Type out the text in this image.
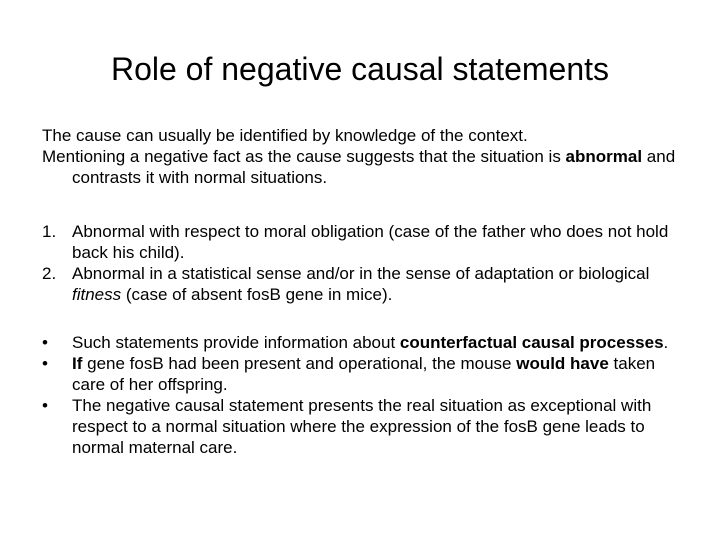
Role of negative causal statements

The cause can usually be identified by knowledge of the context.

Mentioning a negative fact as the cause suggests that the situation is abnormal and contrasts it with normal situations.

1. Abnormal with respect to moral obligation (case of the father who does not hold back his child).

2. Abnormal in a statistical sense and/or in the sense of adaptation or biological fitness (case of absent fosB gene in mice).

• Such statements provide information about counterfactual causal processes.

• If gene fosB had been present and operational, the mouse would have taken care of her offspring.

• The negative causal statement presents the real situation as exceptional with respect to a normal situation where the expression of the fosB gene leads to normal maternal care.
